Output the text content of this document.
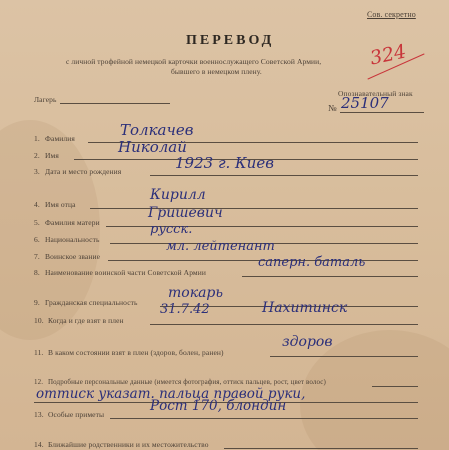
Сов. секретно
ПЕРЕВОД
с личной трофейной немецкой карточки военнослужащего Советской Армии,
бывшего в немецком плену.
324
Лагерь
Опознавательный знак
№ 25107
1. Фамилия	Толкачев
2. Имя	Николай
3. Дата и место рождения	1923 г. Киев
4. Имя отца
Кирилл
5. Фамилия матери
Гришевич
6. Национальность
русск.
7. Воинское звание
мл. лейтенант
8. Наименование воинской части Советской Армии
саперн. баталь
9. Гражданская специальность
токарь
10. Когда и где взят в плен
31.7.42	Нахитинск
11. В каком состоянии взят в плен (здоров, болен, ранен)
здоров
12. Подробные персональные данные (имеется фотография, оттиск пальцев, рост, цвет волос)
оттиск указат. пальца правой руки,
13. Особые приметы
Рост 170, блондин
14. Ближайшие родственники и их местожительство
